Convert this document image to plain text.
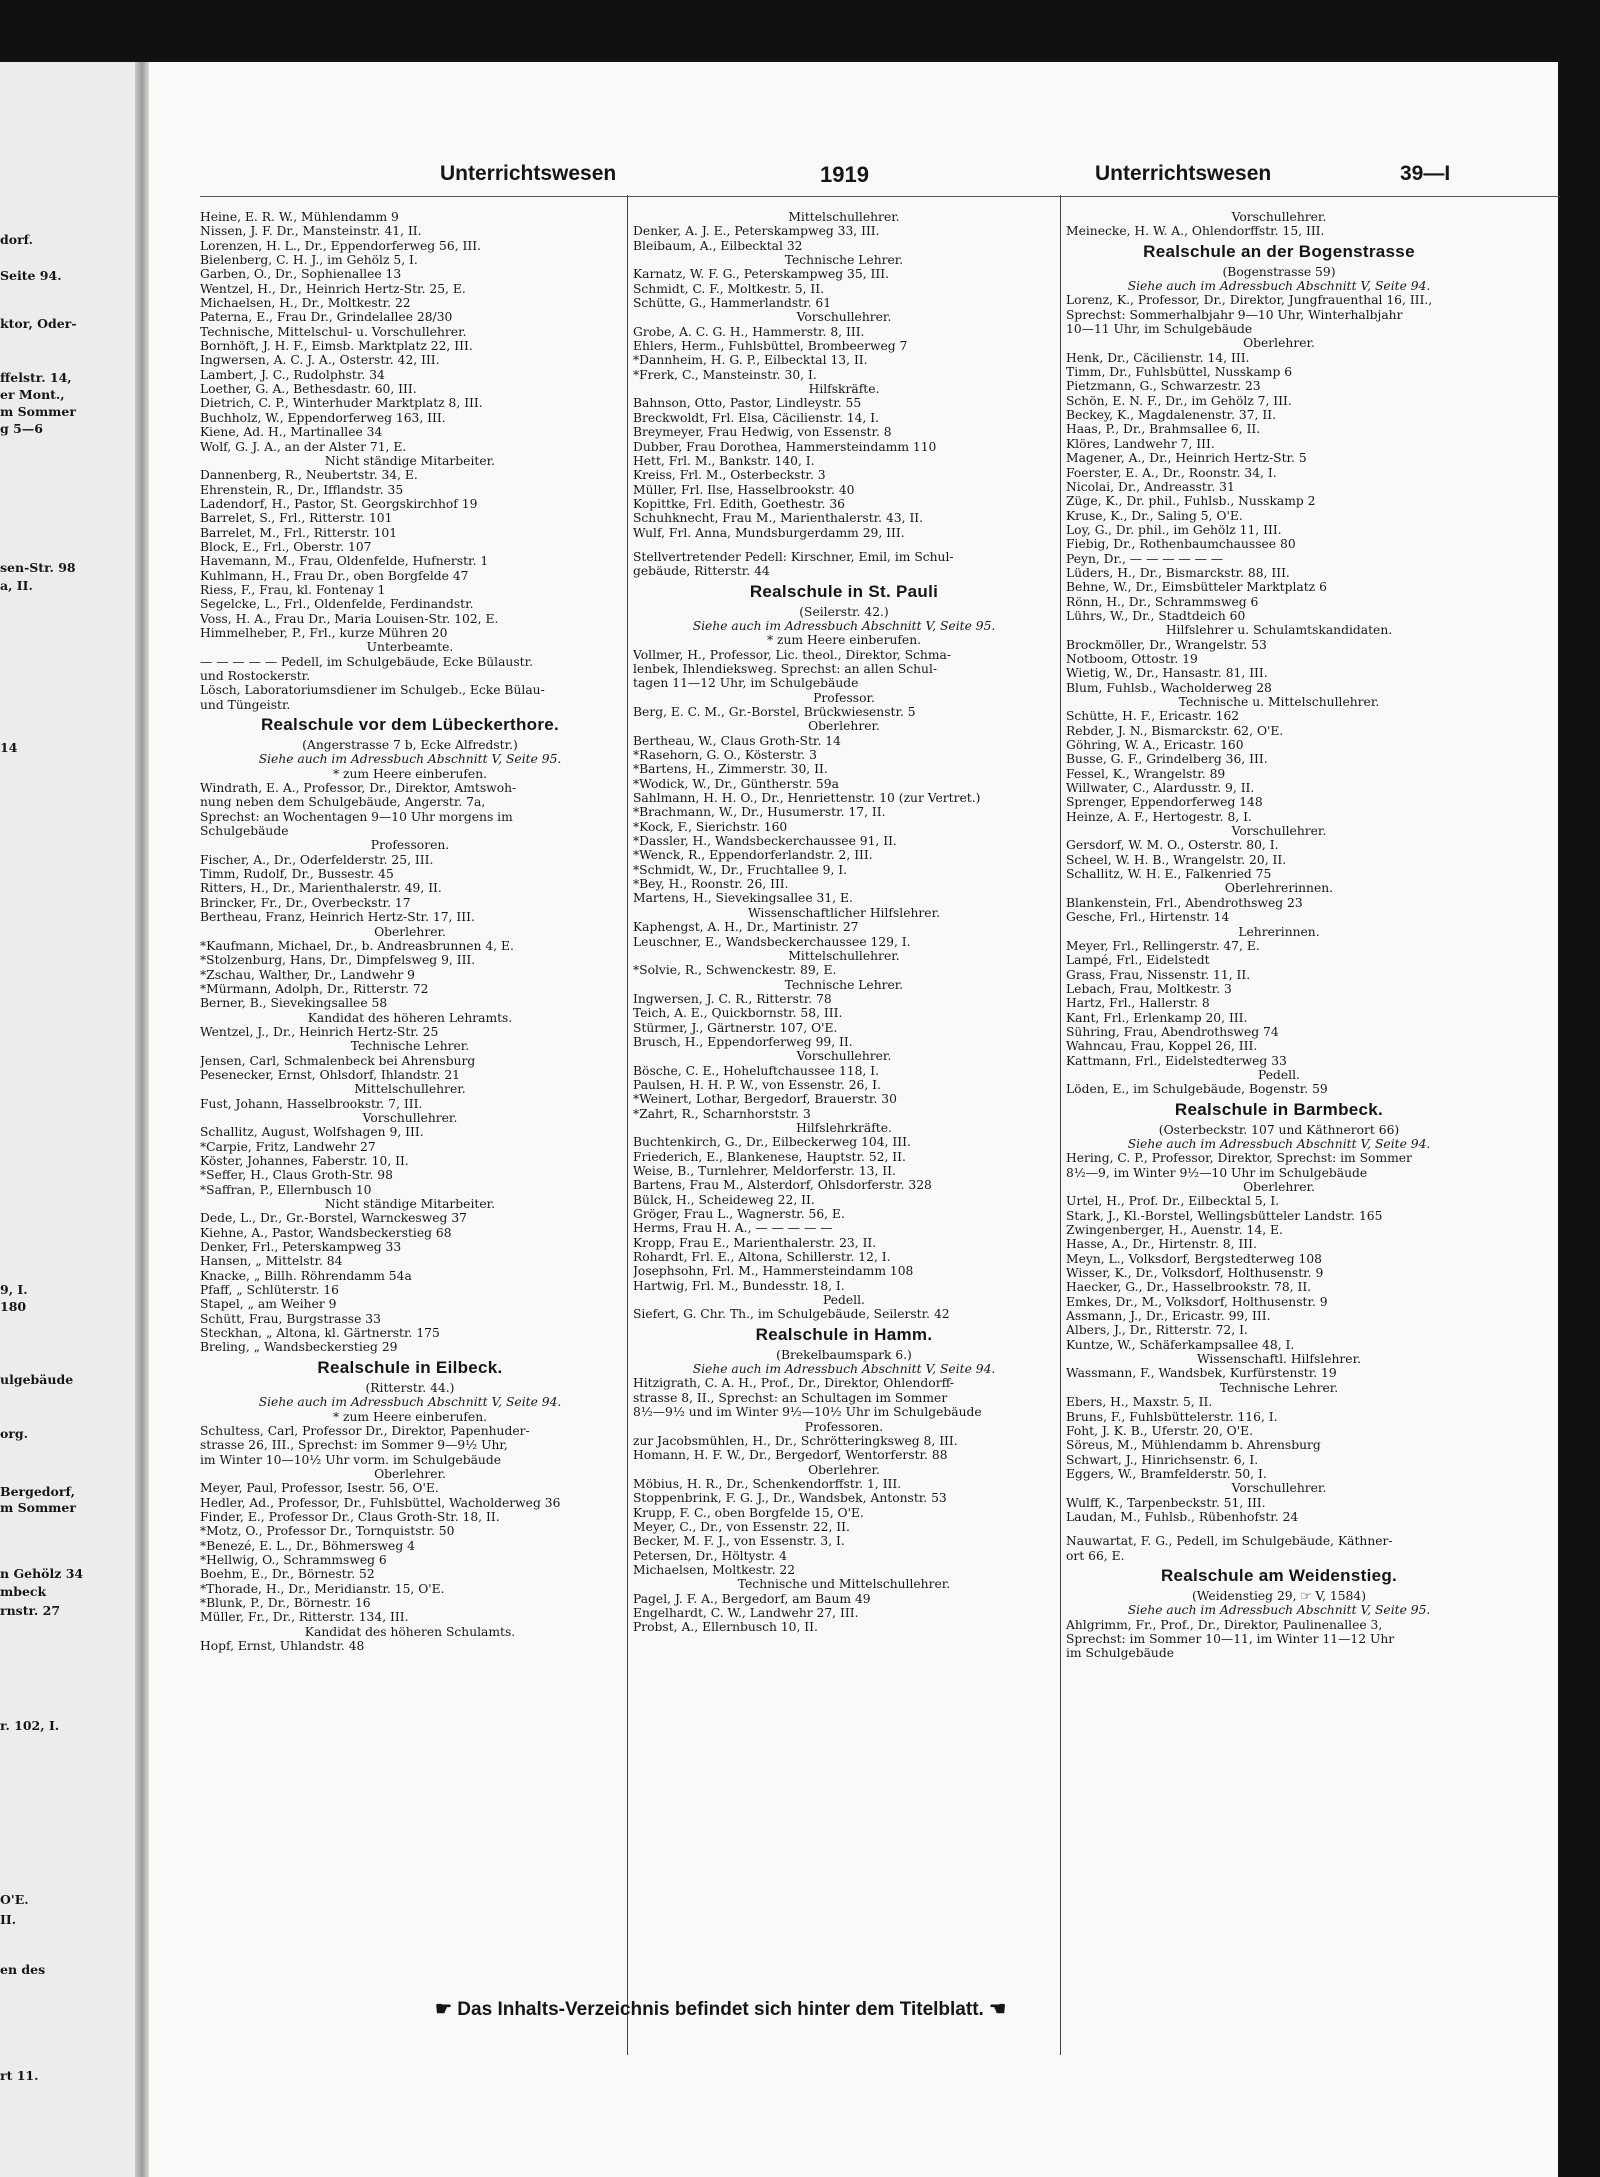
dorf.
Seite 94.
ktor, Oder-
ffelstr. 14,
er Mont.,
m Sommer
g 5—6
sen-Str. 98
a, II.
14
9, I.
180
ulgebäude
org.
Bergedorf,
m Sommer
n Gehölz 34
mbeck
rnstr. 27
r. 102, I.
O'E.
II.
en des
rt 11.
Unterrichtswesen	1919	Unterrichtswesen	39—I
Heine, E. R. W., Mühlendamm 9
Nissen, J. F. Dr., Mansteinstr. 41, II.
Lorenzen, H. L., Dr., Eppendorferweg 56, III.
Bielenberg, C. H. J., im Gehölz 5, I.
Garben, O., Dr., Sophienallee 13
Wentzel, H., Dr., Heinrich Hertz-Str. 25, E.
Michaelsen, H., Dr., Moltkestr. 22
Paterna, E., Frau Dr., Grindelallee 28/30
Technische, Mittelschul- u. Vorschullehrer.
Bornhöft, J. H. F., Eimsb. Marktplatz 22, III.
Ingwersen, A. C. J. A., Osterstr. 42, III.
Lambert, J. C., Rudolphstr. 34
Loether, G. A., Bethesdastr. 60, III.
Dietrich, C. P., Winterhuder Marktplatz 8, III.
Buchholz, W., Eppendorferweg 163, III.
Kiene, Ad. H., Martinallee 34
Wolf, G. J. A., an der Alster 71, E.
Nicht ständige Mitarbeiter.
Dannenberg, R., Neubertstr. 34, E.
Ehrenstein, R., Dr., Ifflandstr. 35
Ladendorf, H., Pastor, St. Georgskirchhof 19
Barrelet, S., Frl., Ritterstr. 101
Barrelet, M., Frl., Ritterstr. 101
Block, E., Frl., Oberstr. 107
Havemann, M., Frau, Oldenfelde, Hufnerstr. 1
Kuhlmann, H., Frau Dr., oben Borgfelde 47
Riess, F., Frau, kl. Fontenay 1
Segelcke, L., Frl., Oldenfelde, Ferdinandstr.
Voss, H. A., Frau Dr., Maria Louisen-Str. 102, E.
Himmelheber, P., Frl., kurze Mühren 20
Unterbeamte.
— — — — — Pedell, im Schulgebäude, Ecke Bülaustr.
und Rostockerstr.
Lösch, Laboratoriumsdiener im Schulgeb., Ecke Bülau-
und Tüngeistr.
Realschule vor dem Lübeckerthore.
(Angerstrasse 7 b, Ecke Alfredstr.)
Siehe auch im Adressbuch Abschnitt V, Seite 95.
* zum Heere einberufen.
Windrath, E. A., Professor, Dr., Direktor, Amtswoh-
nung neben dem Schulgebäude, Angerstr. 7a,
Sprechst: an Wochentagen 9—10 Uhr morgens im
Schulgebäude
Professoren.
Fischer, A., Dr., Oderfelderstr. 25, III.
Timm, Rudolf, Dr., Bussestr. 45
Ritters, H., Dr., Marienthalerstr. 49, II.
Brincker, Fr., Dr., Overbeckstr. 17
Bertheau, Franz, Heinrich Hertz-Str. 17, III.
Oberlehrer.
*Kaufmann, Michael, Dr., b. Andreasbrunnen 4, E.
*Stolzenburg, Hans, Dr., Dimpfelsweg 9, III.
*Zschau, Walther, Dr., Landwehr 9
*Mürmann, Adolph, Dr., Ritterstr. 72
Berner, B., Sievekingsallee 58
Kandidat des höheren Lehramts.
Wentzel, J., Dr., Heinrich Hertz-Str. 25
Technische Lehrer.
Jensen, Carl, Schmalenbeck bei Ahrensburg
Pesenecker, Ernst, Ohlsdorf, Ihlandstr. 21
Mittelschullehrer.
Fust, Johann, Hasselbrookstr. 7, III.
Vorschullehrer.
Schallitz, August, Wolfshagen 9, III.
*Carpie, Fritz, Landwehr 27
Köster, Johannes, Faberstr. 10, II.
*Seffer, H., Claus Groth-Str. 98
*Saffran, P., Ellernbusch 10
Nicht ständige Mitarbeiter.
Dede, L., Dr., Gr.-Borstel, Warnckesweg 37
Kiehne, A., Pastor, Wandsbeckerstieg 68
Denker, Frl., Peterskampweg 33
Hansen, „ Mittelstr. 84
Knacke, „ Billh. Röhrendamm 54a
Pfaff, „ Schlüterstr. 16
Stapel, „ am Weiher 9
Schütt, Frau, Burgstrasse 33
Steckhan, „ Altona, kl. Gärtnerstr. 175
Breling, „ Wandsbeckerstieg 29
Realschule in Eilbeck.
(Ritterstr. 44.)
Siehe auch im Adressbuch Abschnitt V, Seite 94.
* zum Heere einberufen.
Schultess, Carl, Professor Dr., Direktor, Papenhuder-
strasse 26, III., Sprechst: im Sommer 9—9½ Uhr,
im Winter 10—10½ Uhr vorm. im Schulgebäude
Oberlehrer.
Meyer, Paul, Professor, Isestr. 56, O'E.
Hedler, Ad., Professor, Dr., Fuhlsbüttel, Wacholderweg 36
Finder, E., Professor Dr., Claus Groth-Str. 18, II.
*Motz, O., Professor Dr., Tornquiststr. 50
*Benezé, E. L., Dr., Böhmersweg 4
*Hellwig, O., Schrammsweg 6
Boehm, E., Dr., Börnestr. 52
*Thorade, H., Dr., Meridianstr. 15, O'E.
*Blunk, P., Dr., Börnestr. 16
Müller, Fr., Dr., Ritterstr. 134, III.
Kandidat des höheren Schulamts.
Hopf, Ernst, Uhlandstr. 48
Mittelschullehrer.
Denker, A. J. E., Peterskampweg 33, III.
Bleibaum, A., Eilbecktal 32
Technische Lehrer.
Karnatz, W. F. G., Peterskampweg 35, III.
Schmidt, C. F., Moltkestr. 5, II.
Schütte, G., Hammerlandstr. 61
Vorschullehrer.
Grobe, A. C. G. H., Hammerstr. 8, III.
Ehlers, Herm., Fuhlsbüttel, Brombeerweg 7
*Dannheim, H. G. P., Eilbecktal 13, II.
*Frerk, C., Mansteinstr. 30, I.
Hilfskräfte.
Bahnson, Otto, Pastor, Lindleystr. 55
Breckwoldt, Frl. Elsa, Cäcilienstr. 14, I.
Breymeyer, Frau Hedwig, von Essenstr. 8
Dubber, Frau Dorothea, Hammersteindamm 110
Hett, Frl. M., Bankstr. 140, I.
Kreiss, Frl. M., Osterbeckstr. 3
Müller, Frl. Ilse, Hasselbrookstr. 40
Kopittke, Frl. Edith, Goethestr. 36
Schuhknecht, Frau M., Marienthalerstr. 43, II.
Wulf, Frl. Anna, Mundsburgerdamm 29, III.
Stellvertretender Pedell: Kirschner, Emil, im Schul-
gebäude, Ritterstr. 44
Realschule in St. Pauli
(Seilerstr. 42.)
Siehe auch im Adressbuch Abschnitt V, Seite 95.
* zum Heere einberufen.
Vollmer, H., Professor, Lic. theol., Direktor, Schma-
lenbek, Ihlendieksweg. Sprechst: an allen Schul-
tagen 11—12 Uhr, im Schulgebäude
Professor.
Berg, E. C. M., Gr.-Borstel, Brückwiesenstr. 5
Oberlehrer.
Bertheau, W., Claus Groth-Str. 14
*Rasehorn, G. O., Kösterstr. 3
*Bartens, H., Zimmerstr. 30, II.
*Wodick, W., Dr., Güntherstr. 59a
Sahlmann, H. H. O., Dr., Henriettenstr. 10 (zur Vertret.)
*Brachmann, W., Dr., Husumerstr. 17, II.
*Kock, F., Sierichstr. 160
*Dassler, H., Wandsbeckerchaussee 91, II.
*Wenck, R., Eppendorferlandstr. 2, III.
*Schmidt, W., Dr., Fruchtallee 9, I.
*Bey, H., Roonstr. 26, III.
Martens, H., Sievekingsallee 31, E.
Wissenschaftlicher Hilfslehrer.
Kaphengst, A. H., Dr., Martinistr. 27
Leuschner, E., Wandsbeckerchaussee 129, I.
Mittelschullehrer.
*Solvie, R., Schwenckestr. 89, E.
Technische Lehrer.
Ingwersen, J. C. R., Ritterstr. 78
Teich, A. E., Quickbornstr. 58, III.
Stürmer, J., Gärtnerstr. 107, O'E.
Brusch, H., Eppendorferweg 99, II.
Vorschullehrer.
Bösche, C. E., Hoheluftchaussee 118, I.
Paulsen, H. H. P. W., von Essenstr. 26, I.
*Weinert, Lothar, Bergedorf, Brauerstr. 30
*Zahrt, R., Scharnhorststr. 3
Hilfslehrkräfte.
Buchtenkirch, G., Dr., Eilbeckerweg 104, III.
Friederich, E., Blankenese, Hauptstr. 52, II.
Weise, B., Turnlehrer, Meldorferstr. 13, II.
Bartens, Frau M., Alsterdorf, Ohlsdorferstr. 328
Bülck, H., Scheideweg 22, II.
Gröger, Frau L., Wagnerstr. 56, E.
Herms, Frau H. A., — — — — —
Kropp, Frau E., Marienthalerstr. 23, II.
Rohardt, Frl. E., Altona, Schillerstr. 12, I.
Josephsohn, Frl. M., Hammersteindamm 108
Hartwig, Frl. M., Bundesstr. 18, I.
Pedell.
Siefert, G. Chr. Th., im Schulgebäude, Seilerstr. 42
Realschule in Hamm.
(Brekelbaumspark 6.)
Siehe auch im Adressbuch Abschnitt V, Seite 94.
Hitzigrath, C. A. H., Prof., Dr., Direktor, Ohlendorff-
strasse 8, II., Sprechst: an Schultagen im Sommer
8½—9½ und im Winter 9½—10½ Uhr im Schulgebäude
Professoren.
zur Jacobsmühlen, H., Dr., Schrötteringksweg 8, III.
Homann, H. F. W., Dr., Bergedorf, Wentorferstr. 88
Oberlehrer.
Möbius, H. R., Dr., Schenkendorffstr. 1, III.
Stoppenbrink, F. G. J., Dr., Wandsbek, Antonstr. 53
Krupp, F. C., oben Borgfelde 15, O'E.
Meyer, C., Dr., von Essenstr. 22, II.
Becker, M. F. J., von Essenstr. 3, I.
Petersen, Dr., Höltystr. 4
Michaelsen, Moltkestr. 22
Technische und Mittelschullehrer.
Pagel, J. F. A., Bergedorf, am Baum 49
Engelhardt, C. W., Landwehr 27, III.
Probst, A., Ellernbusch 10, II.
Vorschullehrer.
Meinecke, H. W. A., Ohlendorffstr. 15, III.
Realschule an der Bogenstrasse
(Bogenstrasse 59)
Siehe auch im Adressbuch Abschnitt V, Seite 94.
Lorenz, K., Professor, Dr., Direktor, Jungfrauenthal 16, III.,
Sprechst: Sommerhalbjahr 9—10 Uhr, Winterhalbjahr
10—11 Uhr, im Schulgebäude
Oberlehrer.
Henk, Dr., Cäcilienstr. 14, III.
Timm, Dr., Fuhlsbüttel, Nusskamp 6
Pietzmann, G., Schwarzestr. 23
Schön, E. N. F., Dr., im Gehölz 7, III.
Beckey, K., Magdalenenstr. 37, II.
Haas, P., Dr., Brahmsallee 6, II.
Klöres, Landwehr 7, III.
Magener, A., Dr., Heinrich Hertz-Str. 5
Foerster, E. A., Dr., Roonstr. 34, I.
Nicolai, Dr., Andreasstr. 31
Züge, K., Dr. phil., Fuhlsb., Nusskamp 2
Kruse, K., Dr., Saling 5, O'E.
Loy, G., Dr. phil., im Gehölz 11, III.
Fiebig, Dr., Rothenbaumchaussee 80
Peyn, Dr., — — — — — —
Lüders, H., Dr., Bismarckstr. 88, III.
Behne, W., Dr., Eimsbütteler Marktplatz 6
Rönn, H., Dr., Schrammsweg 6
Lührs, W., Dr., Stadtdeich 60
Hilfslehrer u. Schulamtskandidaten.
Brockmöller, Dr., Wrangelstr. 53
Notboom, Ottostr. 19
Wietig, W., Dr., Hansastr. 81, III.
Blum, Fuhlsb., Wacholderweg 28
Technische u. Mittelschullehrer.
Schütte, H. F., Ericastr. 162
Rebder, J. N., Bismarckstr. 62, O'E.
Göhring, W. A., Ericastr. 160
Busse, G. F., Grindelberg 36, III.
Fessel, K., Wrangelstr. 89
Willwater, C., Alardusstr. 9, II.
Sprenger, Eppendorferweg 148
Heinze, A. F., Hertogestr. 8, I.
Vorschullehrer.
Gersdorf, W. M. O., Osterstr. 80, I.
Scheel, W. H. B., Wrangelstr. 20, II.
Schallitz, W. H. E., Falkenried 75
Oberlehrerinnen.
Blankenstein, Frl., Abendrothsweg 23
Gesche, Frl., Hirtenstr. 14
Lehrerinnen.
Meyer, Frl., Rellingerstr. 47, E.
Lampé, Frl., Eidelstedt
Grass, Frau, Nissenstr. 11, II.
Lebach, Frau, Moltkestr. 3
Hartz, Frl., Hallerstr. 8
Kant, Frl., Erlenkamp 20, III.
Sühring, Frau, Abendrothsweg 74
Wahncau, Frau, Koppel 26, III.
Kattmann, Frl., Eidelstedterweg 33
Pedell.
Löden, E., im Schulgebäude, Bogenstr. 59
Realschule in Barmbeck.
(Osterbeckstr. 107 und Käthnerort 66)
Siehe auch im Adressbuch Abschnitt V, Seite 94.
Hering, C. P., Professor, Direktor, Sprechst: im Sommer
8½—9, im Winter 9½—10 Uhr im Schulgebäude
Oberlehrer.
Urtel, H., Prof. Dr., Eilbecktal 5, I.
Stark, J., Kl.-Borstel, Wellingsbütteler Landstr. 165
Zwingenberger, H., Auenstr. 14, E.
Hasse, A., Dr., Hirtenstr. 8, III.
Meyn, L., Volksdorf, Bergstedterweg 108
Wisser, K., Dr., Volksdorf, Holthusenstr. 9
Haecker, G., Dr., Hasselbrookstr. 78, II.
Emkes, Dr., M., Volksdorf, Holthusenstr. 9
Assmann, J., Dr., Ericastr. 99, III.
Albers, J., Dr., Ritterstr. 72, I.
Kuntze, W., Schäferkampsallee 48, I.
Wissenschaftl. Hilfslehrer.
Wassmann, F., Wandsbek, Kurfürstenstr. 19
Technische Lehrer.
Ebers, H., Maxstr. 5, II.
Bruns, F., Fuhlsbüttelerstr. 116, I.
Foht, J. K. B., Uferstr. 20, O'E.
Söreus, M., Mühlendamm b. Ahrensburg
Schwart, J., Hinrichsenstr. 6, I.
Eggers, W., Bramfelderstr. 50, I.
Vorschullehrer.
Wulff, K., Tarpenbeckstr. 51, III.
Laudan, M., Fuhlsb., Rübenhofstr. 24
Nauwartat, F. G., Pedell, im Schulgebäude, Käthner-
ort 66, E.
Realschule am Weidenstieg.
(Weidenstieg 29, ☞ V, 1584)
Siehe auch im Adressbuch Abschnitt V, Seite 95.
Ahlgrimm, Fr., Prof., Dr., Direktor, Paulinenallee 3,
Sprechst: im Sommer 10—11, im Winter 11—12 Uhr
im Schulgebäude
☛ Das Inhalts-Verzeichnis befindet sich hinter dem Titelblatt. ☚
